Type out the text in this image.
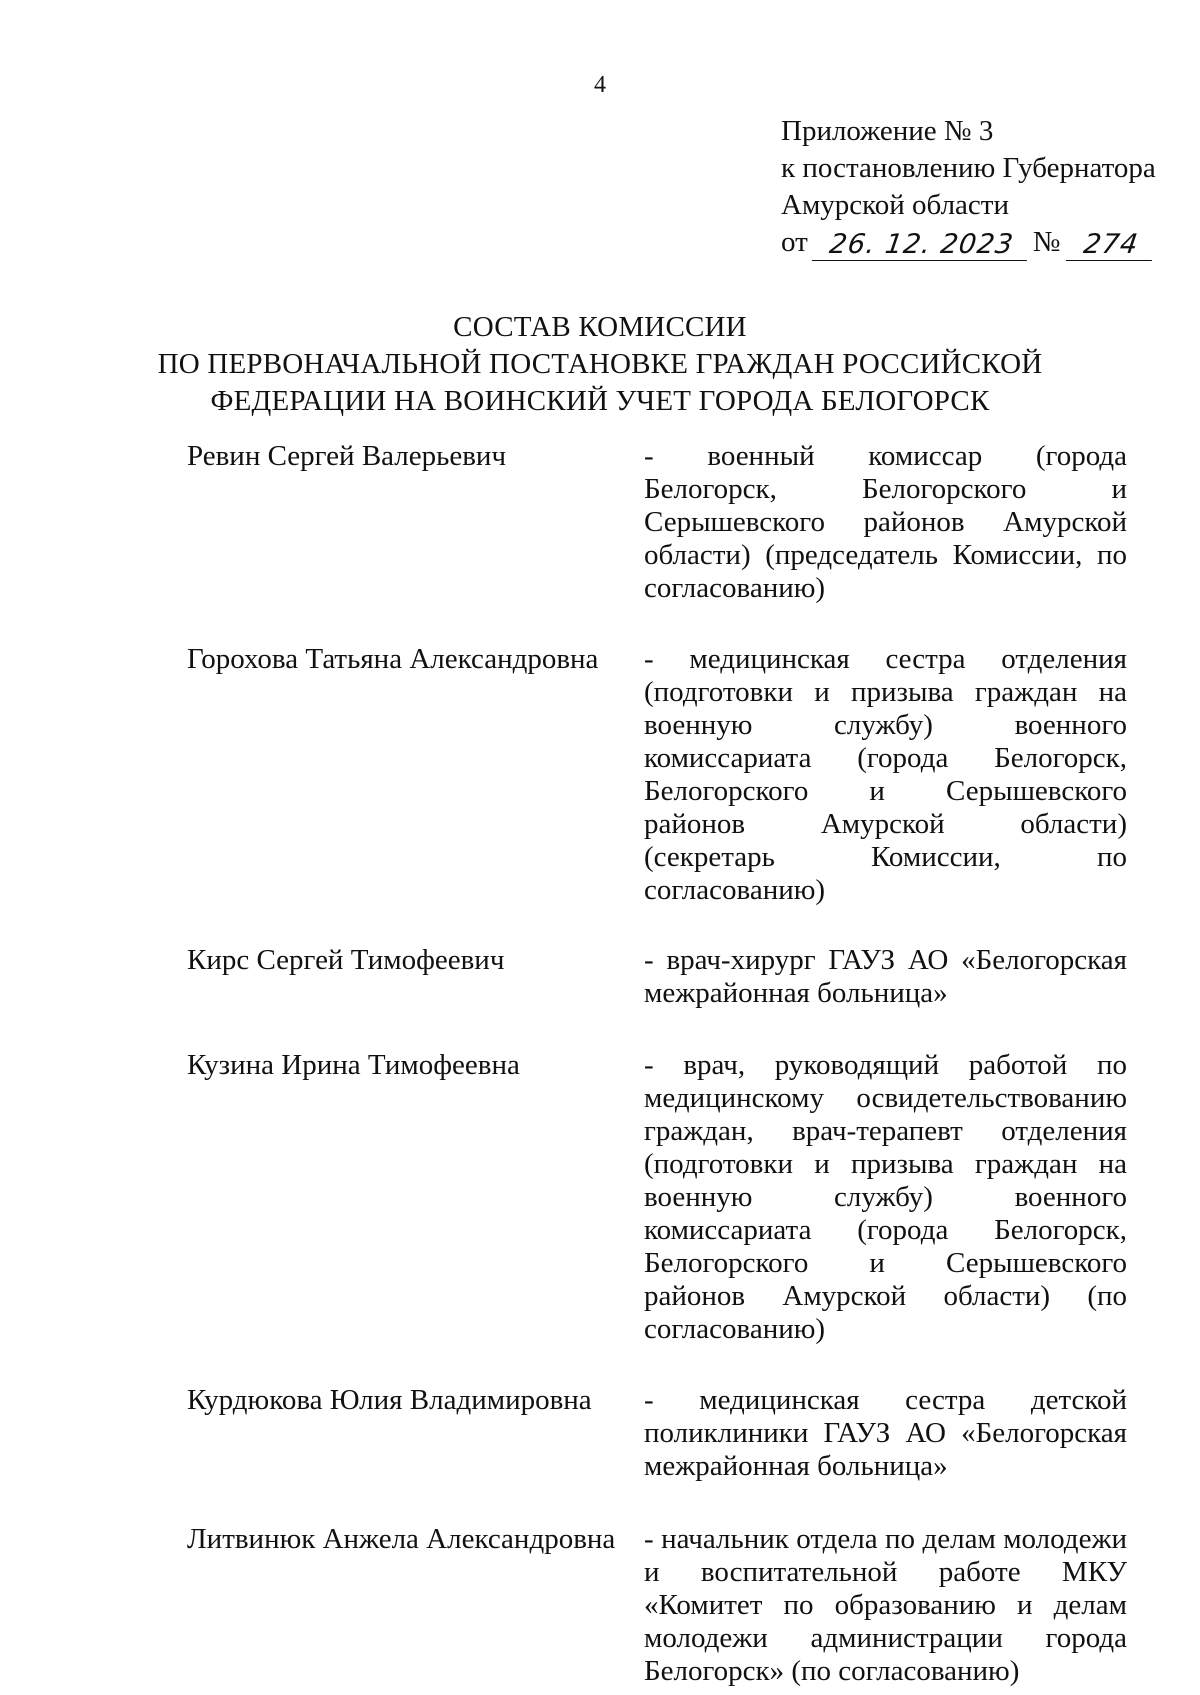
4
Приложение № 3
к постановлению Губернатора
Амурской области
от 26. 12. 2023 № 274
СОСТАВ КОМИССИИ
ПО ПЕРВОНАЧАЛЬНОЙ ПОСТАНОВКЕ ГРАЖДАН РОССИЙСКОЙ
ФЕДЕРАЦИИ НА ВОИНСКИЙ УЧЕТ ГОРОДА БЕЛОГОРСК
Ревин Сергей Валерьевич	- военный комиссар (города Белогорск, Белогорского и Серышевского районов Амурской области) (председатель Комиссии, по согласованию)
Горохова Татьяна Александровна	- медицинская сестра отделения (подготовки и призыва граждан на военную службу) военного комиссариата (города Белогорск, Белогорского и Серышевского районов Амурской области) (секретарь Комиссии, по согласованию)
Кирс Сергей Тимофеевич	- врач-хирург ГАУЗ АО «Белогорская межрайонная больница»
Кузина Ирина Тимофеевна	- врач, руководящий работой по медицинскому освидетельствованию граждан, врач-терапевт отделения (подготовки и призыва граждан на военную службу) военного комиссариата (города Белогорск, Белогорского и Серышевского районов Амурской области) (по согласованию)
Курдюкова Юлия Владимировна	- медицинская сестра детской поликлиники ГАУЗ АО «Белогорская межрайонная больница»
Литвинюк Анжела Александровна - начальник отдела по делам молодежи и воспитательной работе МКУ «Комитет по образованию и делам молодежи администрации города Белогорск» (по согласованию)
